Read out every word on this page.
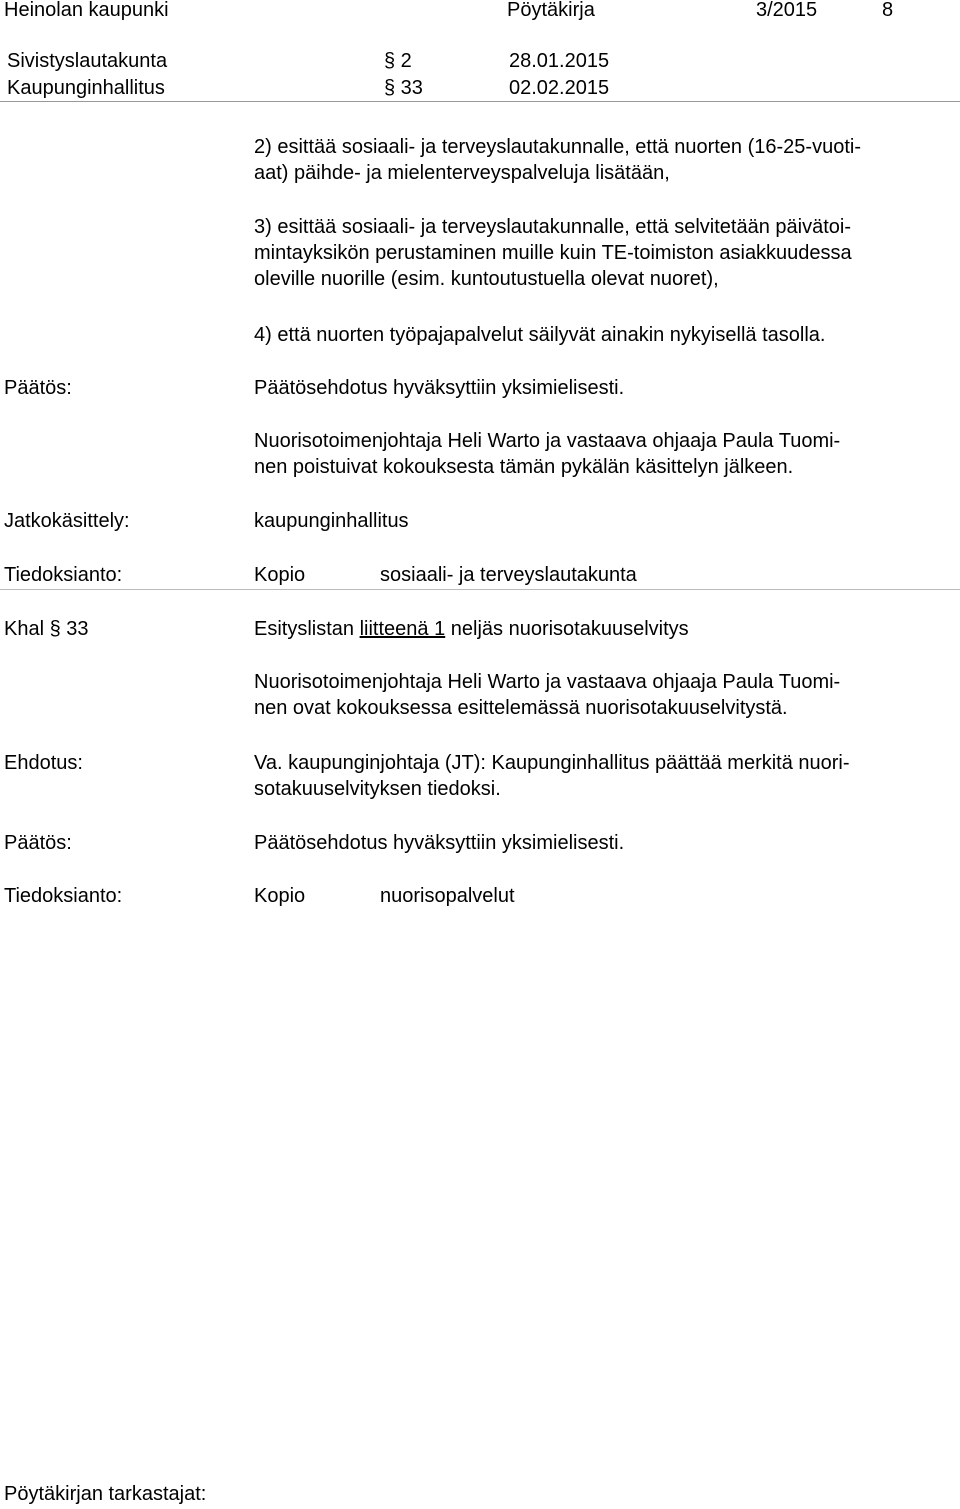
Heinolan kaupunki	Pöytäkirja	3/2015	8
Sivistyslautakunta	§ 2	28.01.2015
Kaupunginhallitus	§ 33	02.02.2015
2) esittää sosiaali- ja terveyslautakunnalle, että nuorten (16-25-vuoti-
aat) päihde- ja mielenterveyspalveluja lisätään,
3) esittää sosiaali- ja terveyslautakunnalle, että selvitetään päivätoi-
mintayksikön perustaminen muille kuin TE-toimiston asiakkuudessa
oleville nuorille (esim. kuntoutustuella olevat nuoret),
4) että nuorten työpajapalvelut säilyvät ainakin nykyisellä tasolla.
Päätös:	Päätösehdotus hyväksyttiin yksimielisesti.
Nuorisotoimenjohtaja Heli Warto ja vastaava ohjaaja Paula Tuomi-
nen poistuivat kokouksesta tämän pykälän käsittelyn jälkeen.
Jatkokäsittely:	kaupunginhallitus
Tiedoksianto:	Kopio	sosiaali- ja terveyslautakunta
Khal § 33	Esityslistan liitteenä 1 neljäs nuorisotakuuselvitys
Nuorisotoimenjohtaja Heli Warto ja vastaava ohjaaja Paula Tuomi-
nen ovat kokouksessa esittelemässä nuorisotakuuselvitystä.
Ehdotus:	Va. kaupunginjohtaja (JT): Kaupunginhallitus päättää merkitä nuori-
sotakuuselvityksen tiedoksi.
Päätös:	Päätösehdotus hyväksyttiin yksimielisesti.
Tiedoksianto:	Kopio	nuorisopalvelut
Pöytäkirjan tarkastajat:
